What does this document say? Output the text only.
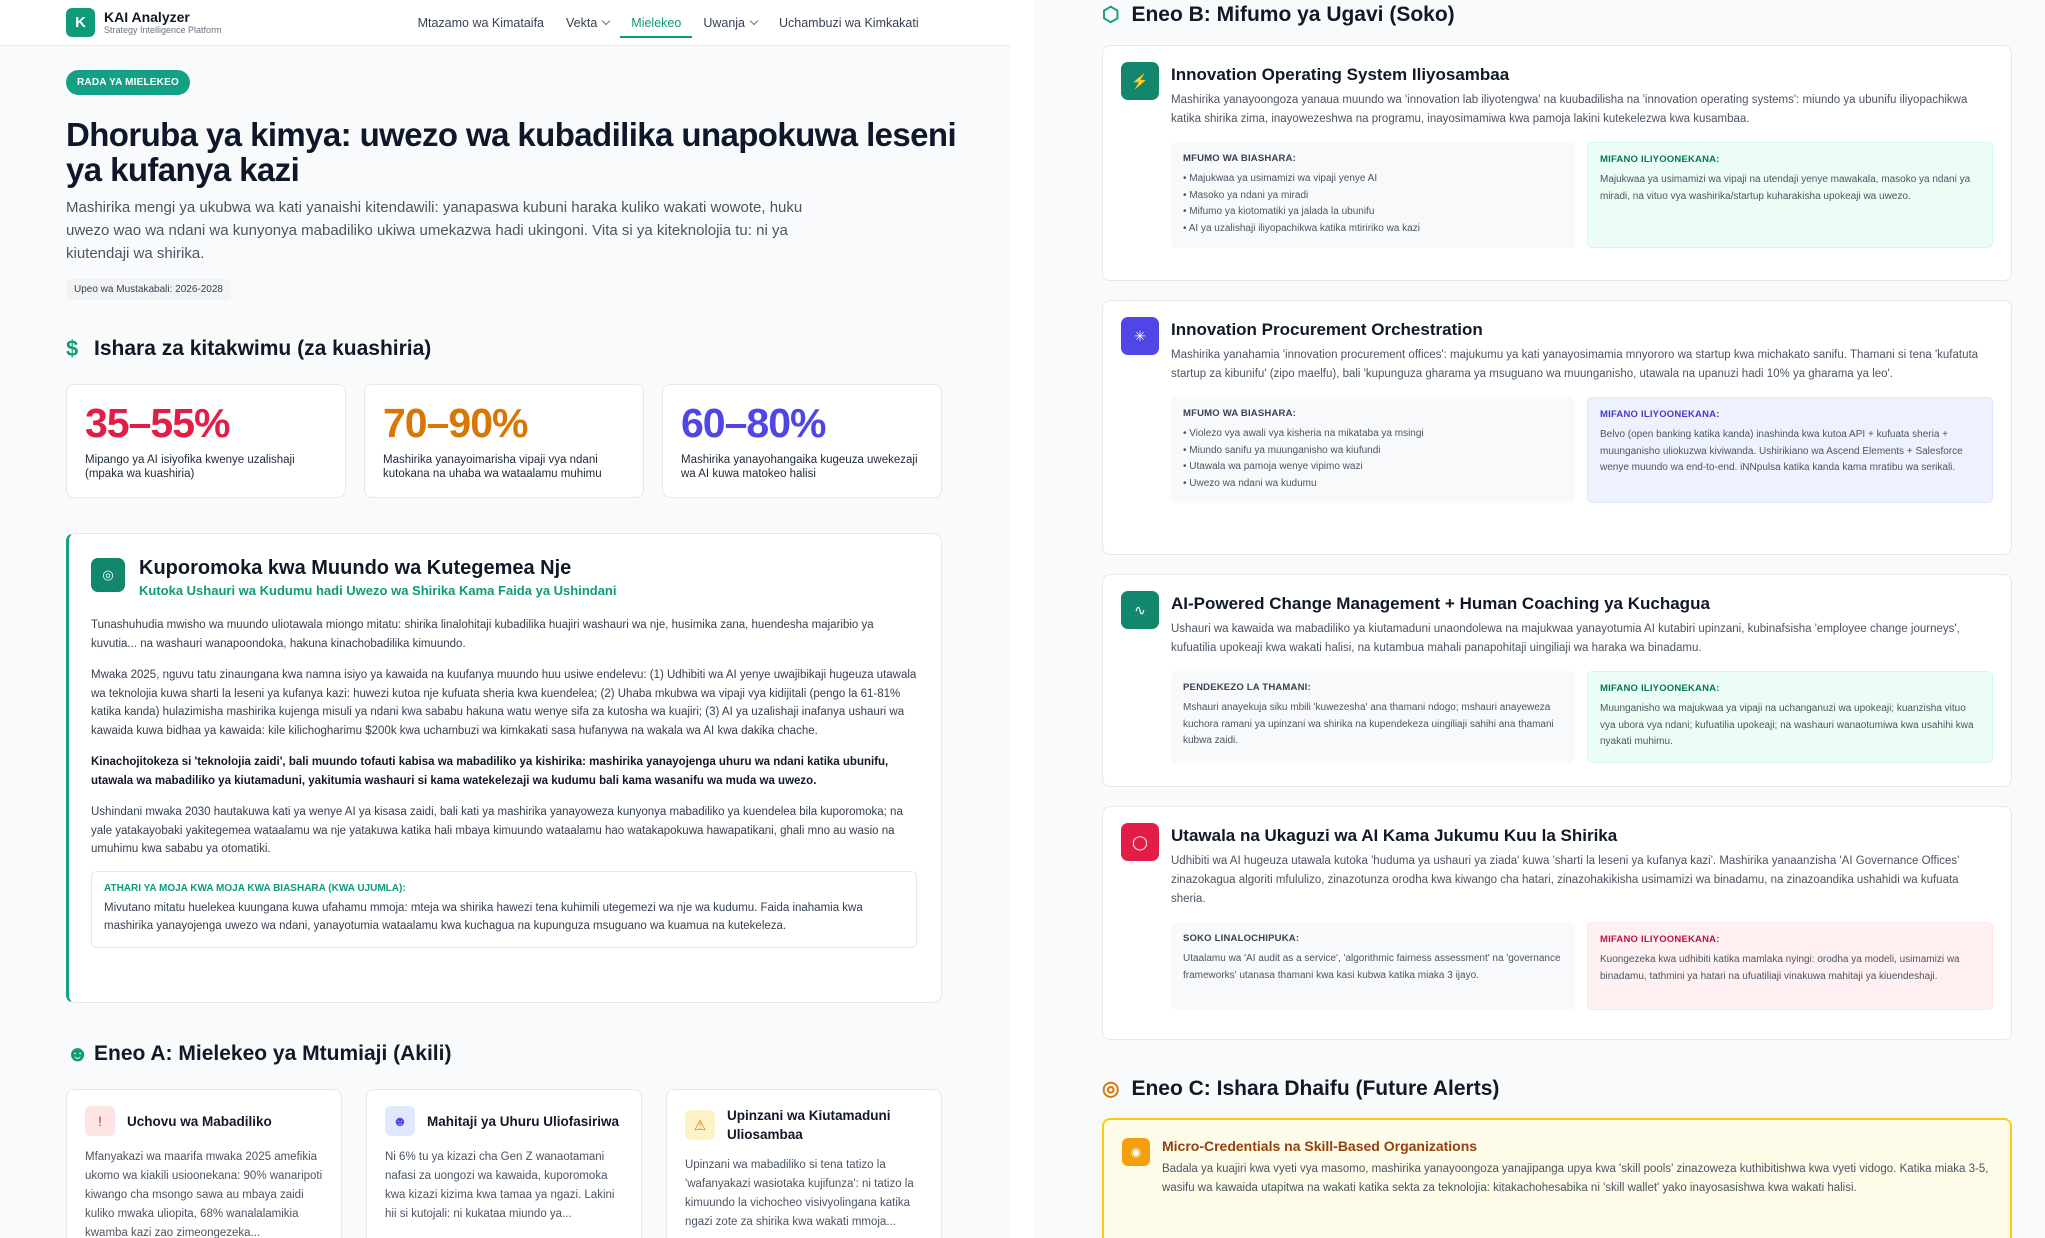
K	KAI Analyzer
Strategy Intelligence Platform
Mtazamo wa Kimataifa Vekta	Mielekeo Uwanja	Uchambuzi wa Kimkakati
RADA YA MIELEKEO
Dhoruba ya kimya: uwezo wa kubadilika unapokuwa leseni ya kufanya kazi

Mashirika mengi ya ukubwa wa kati yanaishi kitendawili: yanapaswa kubuni haraka kuliko wakati wowote, huku uwezo wao wa ndani wa kunyonya mabadiliko ukiwa umekazwa hadi ukingoni. Vita si ya kiteknolojia tu: ni ya kiutendaji wa shirika.

Upeo wa Mustakabali: 2026-2028
$ Ishara za kitakwimu (za kuashiria)
35–55%
Mipango ya AI isiyofika kwenye uzalishaji (mpaka wa kuashiria)
70–90%
Mashirika yanayoimarisha vipaji vya ndani kutokana na uhaba wa wataalamu muhimu
60–80%
Mashirika yanayohangaika kugeuza uwekezaji wa AI kuwa matokeo halisi
◎	Kuporomoka kwa Muundo wa Kutegemea Nje
Kutoka Ushauri wa Kudumu hadi Uwezo wa Shirika Kama Faida ya Ushindani

Tunashuhudia mwisho wa muundo uliotawala miongo mitatu: shirika linalohitaji kubadilika huajiri washauri wa nje, husimika zana, huendesha majaribio ya kuvutia... na washauri wanapoondoka, hakuna kinachobadilika kimuundo.

Mwaka 2025, nguvu tatu zinaungana kwa namna isiyo ya kawaida na kuufanya muundo huu usiwe endelevu: (1) Udhibiti wa AI yenye uwajibikaji hugeuza utawala wa teknolojia kuwa sharti la leseni ya kufanya kazi: huwezi kutoa nje kufuata sheria kwa kuendelea; (2) Uhaba mkubwa wa vipaji vya kidijitali (pengo la 61-81% katika kanda) hulazimisha mashirika kujenga misuli ya ndani kwa sababu hakuna watu wenye sifa za kutosha wa kuajiri; (3) AI ya uzalishaji inafanya ushauri wa kawaida kuwa bidhaa ya kawaida: kile kilichogharimu $200k kwa uchambuzi wa kimkakati sasa hufanywa na wakala wa AI kwa dakika chache.

Kinachojitokeza si 'teknolojia zaidi', bali muundo tofauti kabisa wa mabadiliko ya kishirika: mashirika yanayojenga uhuru wa ndani katika ubunifu, utawala wa mabadiliko ya kiutamaduni, yakitumia washauri si kama watekelezaji wa kudumu bali kama wasanifu wa muda wa uwezo.

Ushindani mwaka 2030 hautakuwa kati ya wenye AI ya kisasa zaidi, bali kati ya mashirika yanayoweza kunyonya mabadiliko ya kuendelea bila kuporomoka; na yale yatakayobaki yakitegemea wataalamu wa nje yatakuwa katika hali mbaya kimuundo wataalamu hao watakapokuwa hawapatikani, ghali mno au wasio na umuhimu kwa sababu ya otomatiki.

ATHARI YA MOJA KWA MOJA KWA BIASHARA (KWA UJUMLA):
Mivutano mitatu huelekea kuungana kuwa ufahamu mmoja: mteja wa shirika hawezi tena kuhimili utegemezi wa nje wa kudumu. Faida inahamia kwa mashirika yanayojenga uwezo wa ndani, yanayotumia wataalamu kwa kuchagua na kupunguza msuguano wa kuamua na kutekeleza.
☻ Eneo A: Mielekeo ya Mtumiaji (Akili)
!	Uchovu wa Mabadiliko
Mfanyakazi wa maarifa mwaka 2025 amefikia ukomo wa kiakili usioonekana: 90% wanaripoti kiwango cha msongo sawa au mbaya zaidi kuliko mwaka uliopita, 68% wanalalamikia kwamba kazi zao zimeongezeka...
☻	Mahitaji ya Uhuru Uliofasiriwa
Ni 6% tu ya kizazi cha Gen Z wanaotamani nafasi za uongozi wa kawaida, kuporomoka kwa kizazi kizima kwa tamaa ya ngazi. Lakini hii si kutojali: ni kukataa miundo ya...
⚠
Upinzani wa Kiutamaduni Uliosambaa
Upinzani wa mabadiliko si tena tatizo la 'wafanyakazi wasiotaka kujifunza': ni tatizo la kimuundo la vichocheo visivyolingana katika ngazi zote za shirika kwa wakati mmoja...
⬡ Eneo B: Mifumo ya Ugavi (Soko)
⚡	Innovation Operating System Iliyosambaa
Mashirika yanayoongoza yanaua muundo wa 'innovation lab iliyotengwa' na kuubadilisha na 'innovation operating systems': miundo ya ubunifu iliyopachikwa katika shirika zima, inayowezeshwa na programu, inayosimamiwa kwa pamoja lakini kutekelezwa kwa kusambaa.
MFUMO WA BIASHARA:
• Majukwaa ya usimamizi wa vipaji yenye AI
• Masoko ya ndani ya miradi
• Mifumo ya kiotomatiki ya jalada la ubunifu
• AI ya uzalishaji iliyopachikwa katika mtiririko wa kazi
MIFANO ILIYOONEKANA:
Majukwaa ya usimamizi wa vipaji na utendaji yenye mawakala, masoko ya ndani ya miradi, na vituo vya washirika/startup kuharakisha upokeaji wa uwezo.
✳	Innovation Procurement Orchestration
Mashirika yanahamia 'innovation procurement offices': majukumu ya kati yanayosimamia mnyororo wa startup kwa michakato sanifu. Thamani si tena 'kufatuta startup za kibunifu' (zipo maelfu), bali 'kupunguza gharama ya msuguano wa muunganisho, utawala na upanuzi hadi 10% ya gharama ya leo'.
MFUMO WA BIASHARA:
• Violezo vya awali vya kisheria na mikataba ya msingi
• Miundo sanifu ya muunganisho wa kiufundi
• Utawala wa pamoja wenye vipimo wazi
• Uwezo wa ndani wa kudumu
MIFANO ILIYOONEKANA:
Belvo (open banking katika kanda) inashinda kwa kutoa API + kufuata sheria + muunganisho uliokuzwa kiviwanda. Ushirikiano wa Ascend Elements + Salesforce wenye muundo wa end-to-end. iNNpulsa katika kanda kama mratibu wa serikali.
∿	AI-Powered Change Management + Human Coaching ya Kuchagua
Ushauri wa kawaida wa mabadiliko ya kiutamaduni unaondolewa na majukwaa yanayotumia AI kutabiri upinzani, kubinafsisha 'employee change journeys', kufuatilia upokeaji kwa wakati halisi, na kutambua mahali panapohitaji uingiliaji wa haraka wa binadamu.
PENDEKEZO LA THAMANI:
Mshauri anayekuja siku mbili 'kuwezesha' ana thamani ndogo; mshauri anayeweza kuchora ramani ya upinzani wa shirika na kupendekeza uingiliaji sahihi ana thamani kubwa zaidi.
MIFANO ILIYOONEKANA:
Muunganisho wa majukwaa ya vipaji na uchanganuzi wa upokeaji; kuanzisha vituo vya ubora vya ndani; kufuatilia upokeaji; na washauri wanaotumiwa kwa usahihi kwa nyakati muhimu.
◯	Utawala na Ukaguzi wa AI Kama Jukumu Kuu la Shirika
Udhibiti wa AI hugeuza utawala kutoka 'huduma ya ushauri ya ziada' kuwa 'sharti la leseni ya kufanya kazi'. Mashirika yanaanzisha 'AI Governance Offices' zinazokagua algoriti mfululizo, zinazotunza orodha kwa kiwango cha hatari, zinazohakikisha usimamizi wa binadamu, na zinazoandika ushahidi wa kufuata sheria.
SOKO LINALOCHIPUKA:
Utaalamu wa 'AI audit as a service', 'algorithmic fairness assessment' na 'governance frameworks' utanasa thamani kwa kasi kubwa katika miaka 3 ijayo.
MIFANO ILIYOONEKANA:
Kuongezeka kwa udhibiti katika mamlaka nyingi: orodha ya modeli, usimamizi wa binadamu, tathmini ya hatari na ufuatiliaji vinakuwa mahitaji ya kiuendeshaji.
◎ Eneo C: Ishara Dhaifu (Future Alerts)
◉	Micro-Credentials na Skill-Based Organizations
Badala ya kuajiri kwa vyeti vya masomo, mashirika yanayoongoza yanajipanga upya kwa 'skill pools' zinazoweza kuthibitishwa kwa vyeti vidogo. Katika miaka 3-5, wasifu wa kawaida utapitwa na wakati katika sekta za teknolojia: kitakachohesabika ni 'skill wallet' yako inayosasishwa kwa wakati halisi.
